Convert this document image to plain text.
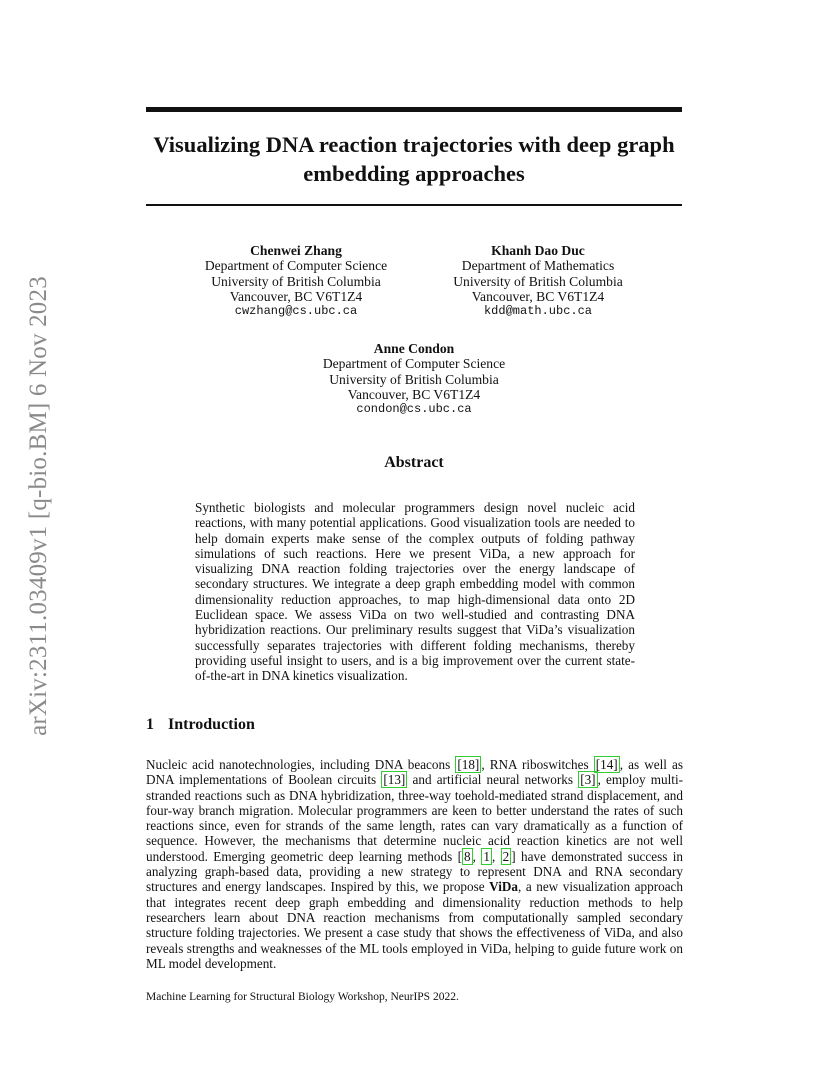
arXiv:2311.03409v1 [q-bio.BM] 6 Nov 2023
Visualizing DNA reaction trajectories with deep graph embedding approaches
Chenwei Zhang
Department of Computer Science
University of British Columbia
Vancouver, BC V6T1Z4
cwzhang@cs.ubc.ca
Khanh Dao Duc
Department of Mathematics
University of British Columbia
Vancouver, BC V6T1Z4
kdd@math.ubc.ca
Anne Condon
Department of Computer Science
University of British Columbia
Vancouver, BC V6T1Z4
condon@cs.ubc.ca
Abstract

Synthetic biologists and molecular programmers design novel nucleic acid reactions, with many potential applications. Good visualization tools are needed to help domain experts make sense of the complex outputs of folding pathway simulations of such reactions. Here we present ViDa, a new approach for visualizing DNA reaction folding trajectories over the energy landscape of secondary structures. We integrate a deep graph embedding model with common dimensionality reduction approaches, to map high-dimensional data onto 2D Euclidean space. We assess ViDa on two well-studied and contrasting DNA hybridization reactions. Our preliminary results suggest that ViDa’s visualization successfully separates trajectories with different folding mechanisms, thereby providing useful insight to users, and is a big improvement over the current state-of-the-art in DNA kinetics visualization.

1 Introduction

Nucleic acid nanotechnologies, including DNA beacons [18] , RNA riboswitches [14] , as well as DNA implementations of Boolean circuits [13] and artificial neural networks [3] , employ multi-stranded reactions such as DNA hybridization, three-way toehold-mediated strand displacement, and four-way branch migration. Molecular programmers are keen to better understand the rates of such reactions since, even for strands of the same length, rates can vary dramatically as a function of sequence. However, the mechanisms that determine nucleic acid reaction kinetics are not well understood. Emerging geometric deep learning methods [ 8 , 1 , 2 ] have demonstrated success in analyzing graph-based data, providing a new strategy to represent DNA and RNA secondary structures and energy landscapes. Inspired by this, we propose ViDa, a new visualization approach that integrates recent deep graph embedding and dimensionality reduction methods to help researchers learn about DNA reaction mechanisms from computationally sampled secondary structure folding trajectories. We present a case study that shows the effectiveness of ViDa, and also reveals strengths and weaknesses of the ML tools employed in ViDa, helping to guide future work on ML model development.

Machine Learning for Structural Biology Workshop, NeurIPS 2022.
